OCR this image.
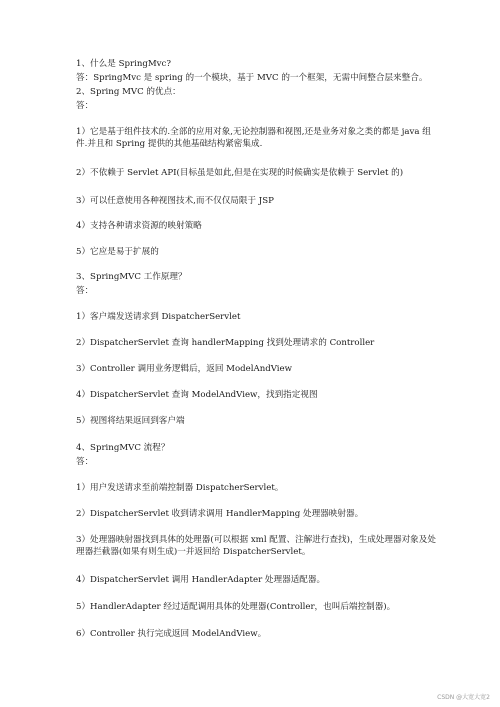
1、什么是 SpringMvc?
答：SpringMvc 是 spring 的一个模块，基于 MVC 的一个框架，无需中间整合层来整合。
2、Spring MVC 的优点：
答：
1）它是基于组件技术的.全部的应用对象,无论控制器和视图,还是业务对象之类的都是 java 组件.并且和 Spring 提供的其他基础结构紧密集成.
2）不依赖于 Servlet API(目标虽是如此,但是在实现的时候确实是依赖于 Servlet 的)
3）可以任意使用各种视图技术,而不仅仅局限于 JSP
4）支持各种请求资源的映射策略
5）它应是易于扩展的
3、SpringMVC 工作原理？
答：
1）客户端发送请求到 DispatcherServlet
2）DispatcherServlet 查询 handlerMapping 找到处理请求的 Controller
3）Controller 调用业务逻辑后，返回 ModelAndView
4）DispatcherServlet 查询 ModelAndView，找到指定视图
5）视图将结果返回到客户端
4、SpringMVC 流程？
答：
1）用户发送请求至前端控制器 DispatcherServlet。
2）DispatcherServlet 收到请求调用 HandlerMapping 处理器映射器。
3）处理器映射器找到具体的处理器(可以根据 xml 配置、注解进行查找)，生成处理器对象及处理器拦截器(如果有则生成)一并返回给 DispatcherServlet。
4）DispatcherServlet 调用 HandlerAdapter 处理器适配器。
5）HandlerAdapter 经过适配调用具体的处理器(Controller，也叫后端控制器)。
6）Controller 执行完成返回 ModelAndView。
CSDN @大宽大宽2
